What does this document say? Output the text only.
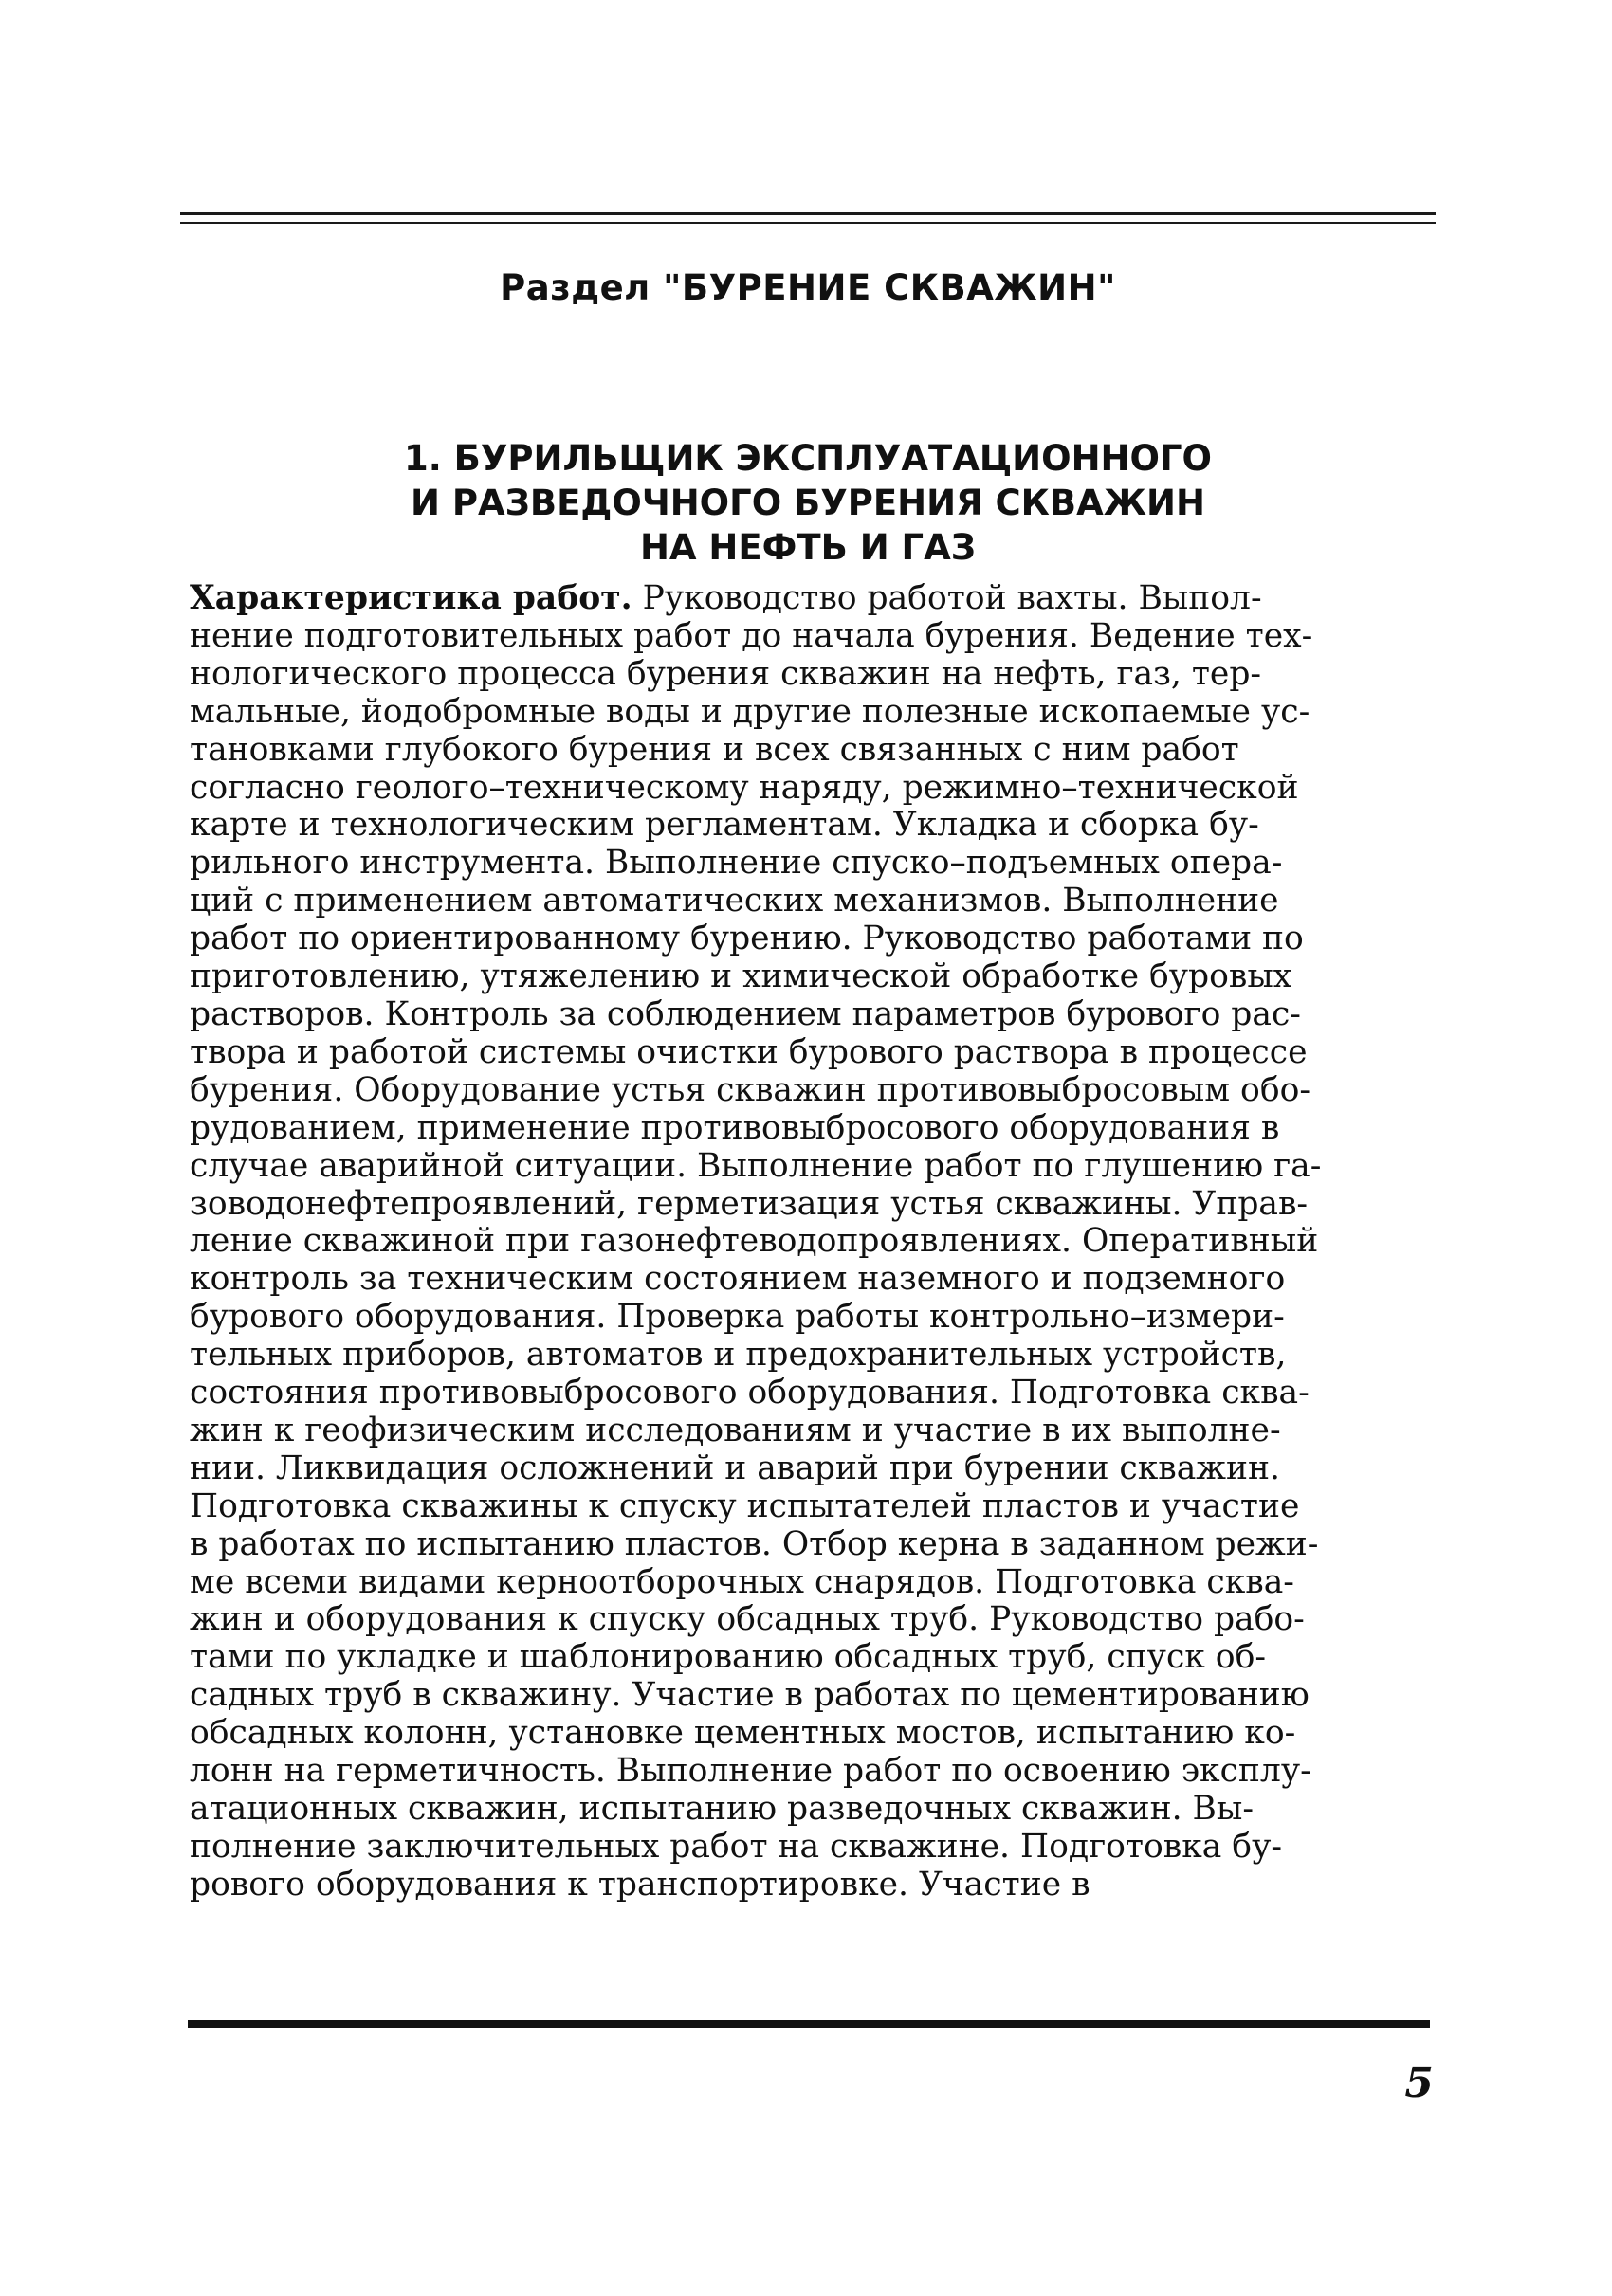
Раздел "БУРЕНИЕ СКВАЖИН"
1. БУРИЛЬЩИК ЭКСПЛУАТАЦИОННОГО
И РАЗВЕДОЧНОГО БУРЕНИЯ СКВАЖИН
НА НЕФТЬ И ГАЗ
Характеристика работ. Руководство работой вахты. Выпол-
нение подготовительных работ до начала бурения. Ведение тех-
нологического процесса бурения скважин на нефть, газ, тер-
мальные, йодобромные воды и другие полезные ископаемые ус-
тановками глубокого бурения и всех связанных с ним работ
согласно геолого–техническому наряду, режимно–технической
карте и технологическим регламентам. Укладка и сборка бу-
рильного инструмента. Выполнение спуско–подъемных опера-
ций с применением автоматических механизмов. Выполнение
работ по ориентированному бурению. Руководство работами по
приготовлению, утяжелению и химической обработке буровых
растворов. Контроль за соблюдением параметров бурового рас-
твора и работой системы очистки бурового раствора в процессе
бурения. Оборудование устья скважин противовыбросовым обо-
рудованием, применение противовыбросового оборудования в
случае аварийной ситуации. Выполнение работ по глушению га-
зоводонефтепроявлений, герметизация устья скважины. Управ-
ление скважиной при газонефтеводопроявлениях. Оперативный
контроль за техническим состоянием наземного и подземного
бурового оборудования. Проверка работы контрольно–измери-
тельных приборов, автоматов и предохранительных устройств,
состояния противовыбросового оборудования. Подготовка сква-
жин к геофизическим исследованиям и участие в их выполне-
нии. Ликвидация осложнений и аварий при бурении скважин.
Подготовка скважины к спуску испытателей пластов и участие
в работах по испытанию пластов. Отбор керна в заданном режи-
ме всеми видами керноотборочных снарядов. Подготовка сква-
жин и оборудования к спуску обсадных труб. Руководство рабо-
тами по укладке и шаблонированию обсадных труб, спуск об-
садных труб в скважину. Участие в работах по цементированию
обсадных колонн, установке цементных мостов, испытанию ко-
лонн на герметичность. Выполнение работ по освоению эксплу-
атационных скважин, испытанию разведочных скважин. Вы-
полнение заключительных работ на скважине. Подготовка бу-
рового оборудования к транспортировке. Участие в

5
